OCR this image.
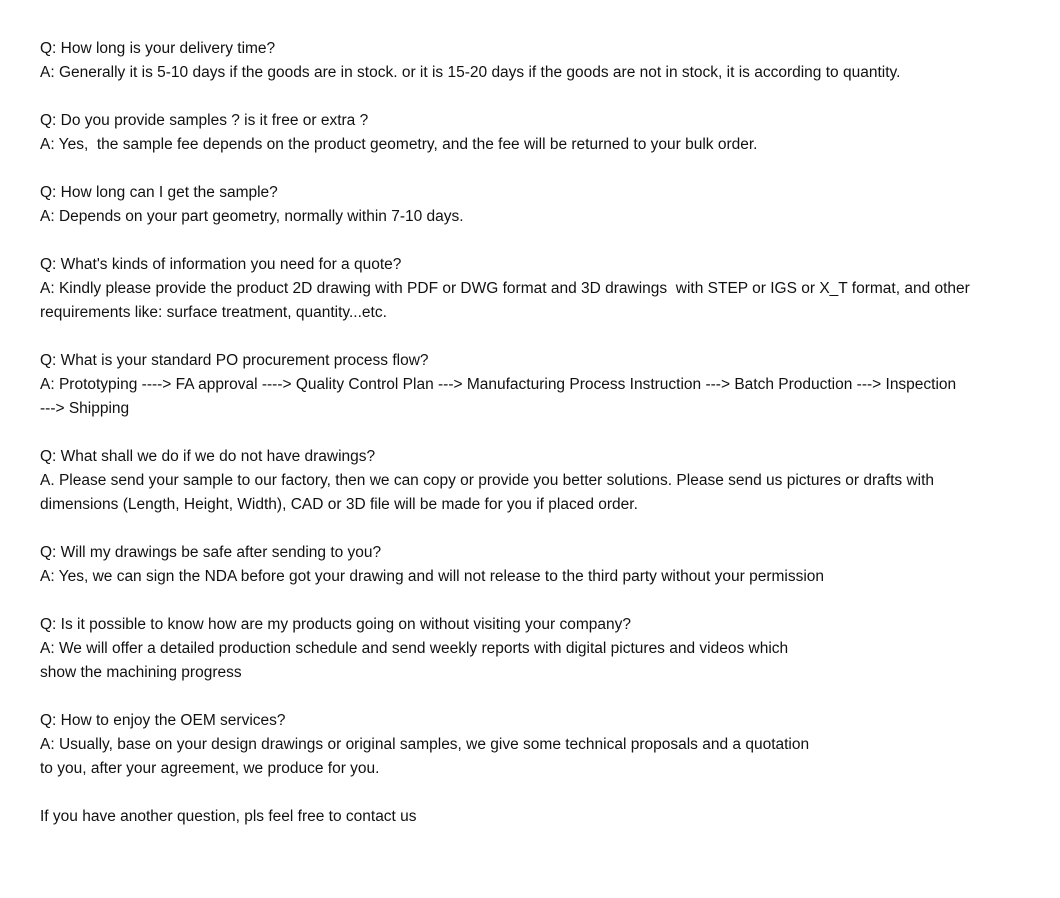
Q: How long is your delivery time?
A: Generally it is 5-10 days if the goods are in stock. or it is 15-20 days if the goods are not in stock, it is according to quantity.
Q: Do you provide samples ? is it free or extra ?
A: Yes,  the sample fee depends on the product geometry, and the fee will be returned to your bulk order.
Q: How long can I get the sample?
A: Depends on your part geometry, normally within 7-10 days.
Q: What's kinds of information you need for a quote?
A: Kindly please provide the product 2D drawing with PDF or DWG format and 3D drawings  with STEP or IGS or X_T format, and other
requirements like: surface treatment, quantity...etc.
Q: What is your standard PO procurement process flow?
A: Prototyping ----> FA approval ----> Quality Control Plan ---> Manufacturing Process Instruction ---> Batch Production ---> Inspection
---> Shipping
Q: What shall we do if we do not have drawings?
A. Please send your sample to our factory, then we can copy or provide you better solutions. Please send us pictures or drafts with
dimensions (Length, Height, Width), CAD or 3D file will be made for you if placed order.
Q: Will my drawings be safe after sending to you?
A: Yes, we can sign the NDA before got your drawing and will not release to the third party without your permission
Q: Is it possible to know how are my products going on without visiting your company?
A: We will offer a detailed production schedule and send weekly reports with digital pictures and videos which
show the machining progress
Q: How to enjoy the OEM services?
A: Usually, base on your design drawings or original samples, we give some technical proposals and a quotation
to you, after your agreement, we produce for you.
If you have another question, pls feel free to contact us
